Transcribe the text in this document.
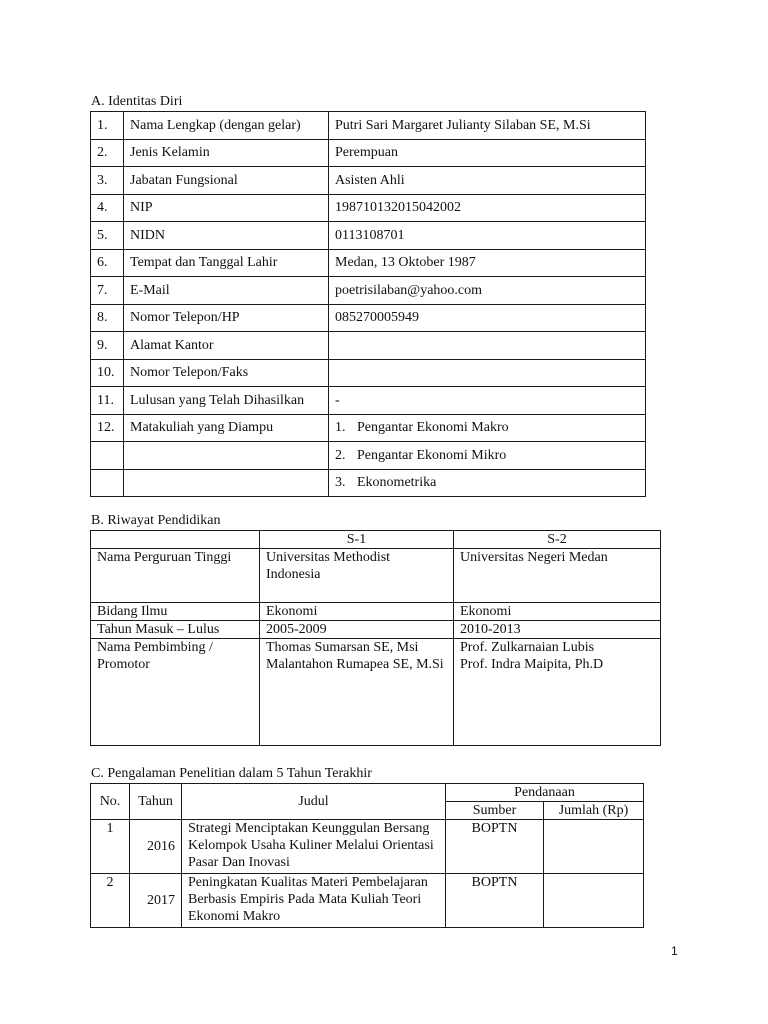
A. Identitas Diri
1.	Nama Lengkap (dengan gelar)	Putri Sari Margaret Julianty Silaban SE, M.Si
2.	Jenis Kelamin	Perempuan
3.	Jabatan Fungsional	Asisten Ahli
4.	NIP	198710132015042002
5.	NIDN	0113108701
6.	Tempat dan Tanggal Lahir	Medan, 13 Oktober 1987
7.	E-Mail	poetrisilaban@yahoo.com
8.	Nomor Telepon/HP	085270005949
9.	Alamat Kantor	
10.	Nomor Telepon/Faks	
11.	Lulusan yang Telah Dihasilkan	-
12.	Matakuliah yang Diampu	1. Pengantar Ekonomi Makro
		2. Pengantar Ekonomi Mikro
		3. Ekonometrika
B. Riwayat Pendidikan
	S-1	S-2
Nama Perguruan Tinggi	Universitas Methodist Indonesia	Universitas Negeri Medan
Bidang Ilmu	Ekonomi	Ekonomi
Tahun Masuk – Lulus	2005-2009	2010-2013
Nama Pembimbing / Promotor	Thomas Sumarsan SE, Msi Malantahon Rumapea SE, M.Si	Prof. Zulkarnaian Lubis
Prof. Indra Maipita, Ph.D
C. Pengalaman Penelitian dalam 5 Tahun Terakhir
No.	Tahun	Judul	Pendanaan	
			Sumber	Jumlah (Rp)
1	2016	Strategi Menciptakan Keunggulan Bersang Kelompok Usaha Kuliner Melalui Orientasi Pasar Dan Inovasi	BOPTN	
2	2017	Peningkatan Kualitas Materi Pembelajaran Berbasis Empiris Pada Mata Kuliah Teori Ekonomi Makro	BOPTN	
1
